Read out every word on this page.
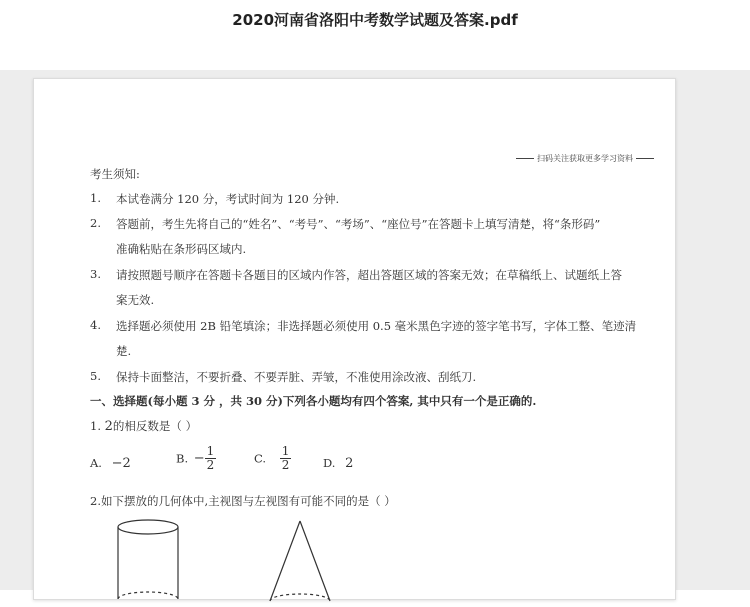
2020河南省洛阳中考数学试题及答案.pdf
扫码关注获取更多学习资料
考生须知:
1. 本试卷满分 120 分，考试时间为 120 分钟.
2. 答题前，考生先将自己的“姓名”、“考号”、“考场”、“座位号”在答题卡上填写清楚，将“条形码”
准确粘贴在条形码区域内.
3. 请按照题号顺序在答题卡各题目的区域内作答，超出答题区域的答案无效；在草稿纸上、试题纸上答
案无效.
4. 选择题必须使用 2B 铅笔填涂；非选择题必须使用 0.5 毫米黑色字迹的签字笔书写，字体工整、笔迹清
楚.
5. 保持卡面整洁，不要折叠、不要弄脏、弄皱，不准使用涂改液、刮纸刀.
一、选择题(每小题 3 分 ，共 30 分)下列各小题均有四个答案, 其中只有一个是正确的.
1. 2的相反数是（ ）
A. −2	B. − $\frac{1}{2}$	C. $\frac{1}{2}$	D. 2
2.如下摆放的几何体中,主视图与左视图有可能不同的是（ ）
